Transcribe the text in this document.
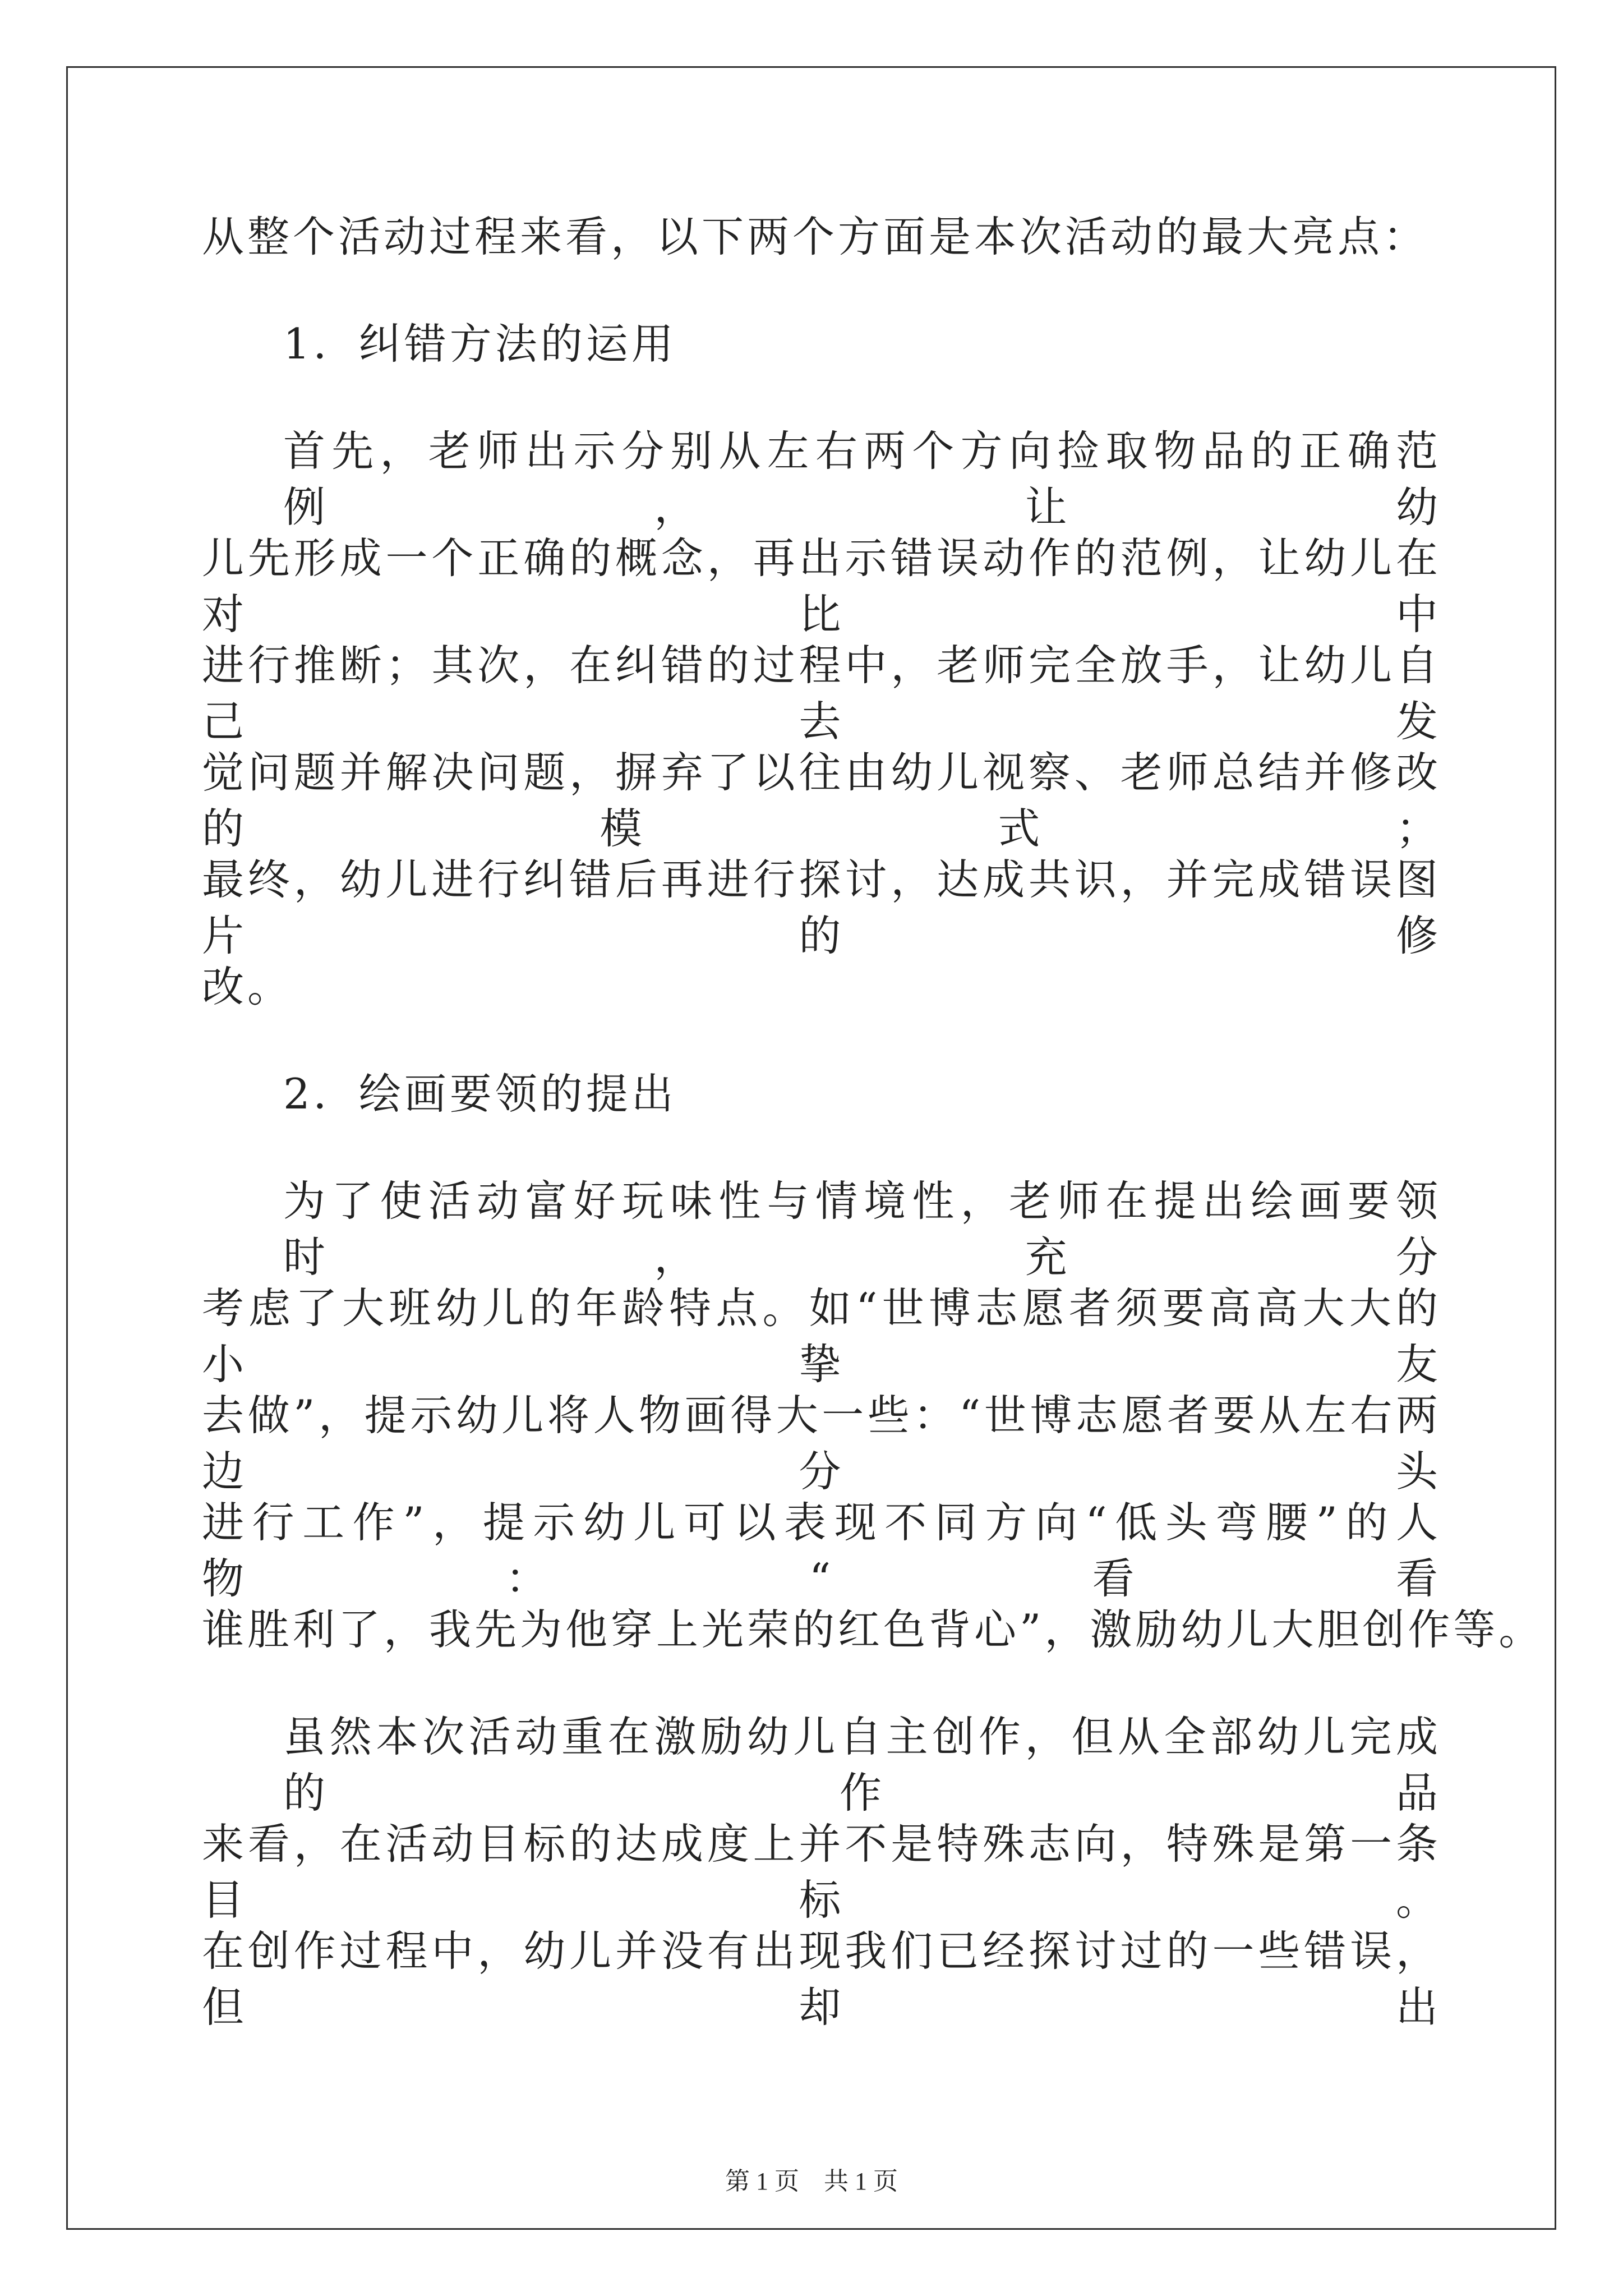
从整个活动过程来看，以下两个方面是本次活动的最大亮点：
1．纠错方法的运用
首先，老师出示分别从左右两个方向捡取物品的正确范例，让幼
儿先形成一个正确的概念，再出示错误动作的范例，让幼儿在对比中
进行推断；其次，在纠错的过程中，老师完全放手，让幼儿自己去发
觉问题并解决问题，摒弃了以往由幼儿视察、老师总结并修改的模式；
最终，幼儿进行纠错后再进行探讨，达成共识，并完成错误图片的修
改。
2．绘画要领的提出
为了使活动富好玩味性与情境性，老师在提出绘画要领时，充分
考虑了大班幼儿的年龄特点。如“世博志愿者须要高高大大的小挚友
去做”，提示幼儿将人物画得大一些：“世博志愿者要从左右两边分头
进行工作”，提示幼儿可以表现不同方向“低头弯腰”的人物：“看看
谁胜利了，我先为他穿上光荣的红色背心”，激励幼儿大胆创作等。
虽然本次活动重在激励幼儿自主创作，但从全部幼儿完成的作品
来看，在活动目标的达成度上并不是特殊志向，特殊是第一条目标。
在创作过程中，幼儿并没有出现我们已经探讨过的一些错误，但却出
第 1 页　共 1 页
